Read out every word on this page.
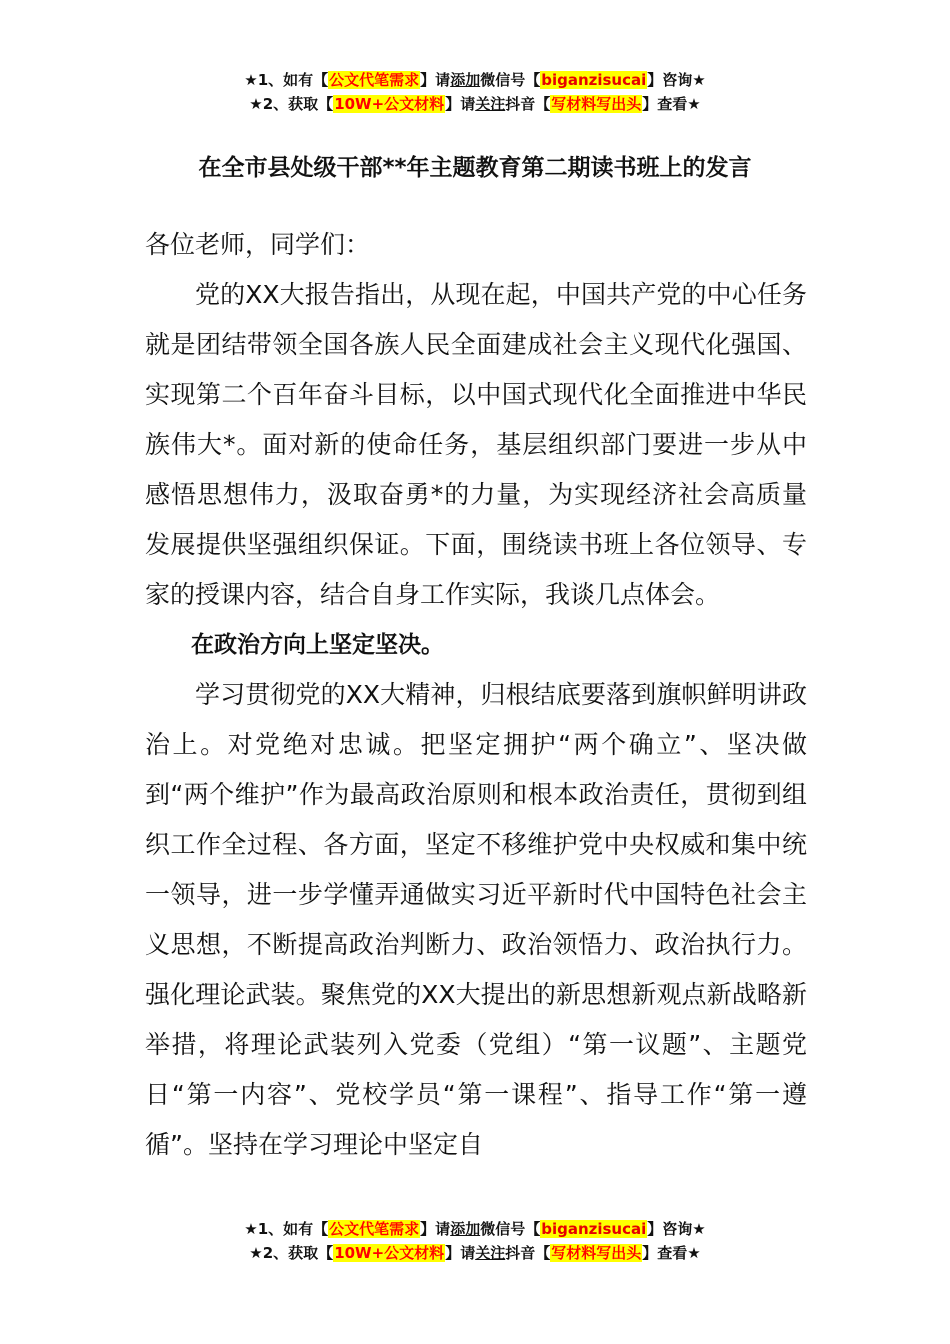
★1、如有【公文代笔需求】请添加微信号【biganzisucai】咨询★
★2、获取【10W+公文材料】请关注抖音【写材料写出头】查看★
在全市县处级干部**年主题教育第二期读书班上的发言

各位老师，同学们：

党的XX大报告指出，从现在起，中国共产党的中心任务就是团结带领全国各族人民全面建成社会主义现代化强国、实现第二个百年奋斗目标，以中国式现代化全面推进中华民族伟大*。面对新的使命任务，基层组织部门要进一步从中感悟思想伟力，汲取奋勇*的力量，为实现经济社会高质量发展提供坚强组织保证。下面，围绕读书班上各位领导、专家的授课内容，结合自身工作实际，我谈几点体会。

在政治方向上坚定坚决。

学习贯彻党的XX大精神，归根结底要落到旗帜鲜明讲政治上。对党绝对忠诚。把坚定拥护“两个确立”、坚决做到“两个维护”作为最高政治原则和根本政治责任，贯彻到组织工作全过程、各方面，坚定不移维护党中央权威和集中统一领导，进一步学懂弄通做实习近平新时代中国特色社会主义思想，不断提高政治判断力、政治领悟力、政治执行力。强化理论武装。聚焦党的XX大提出的新思想新观点新战略新举措，将理论武装列入党委（党组）“第一议题”、主题党日“第一内容”、党校学员“第一课程”、指导工作“第一遵循”。坚持在学习理论中坚定自

★1、如有【公文代笔需求】请添加微信号【biganzisucai】咨询★
★2、获取【10W+公文材料】请关注抖音【写材料写出头】查看★
